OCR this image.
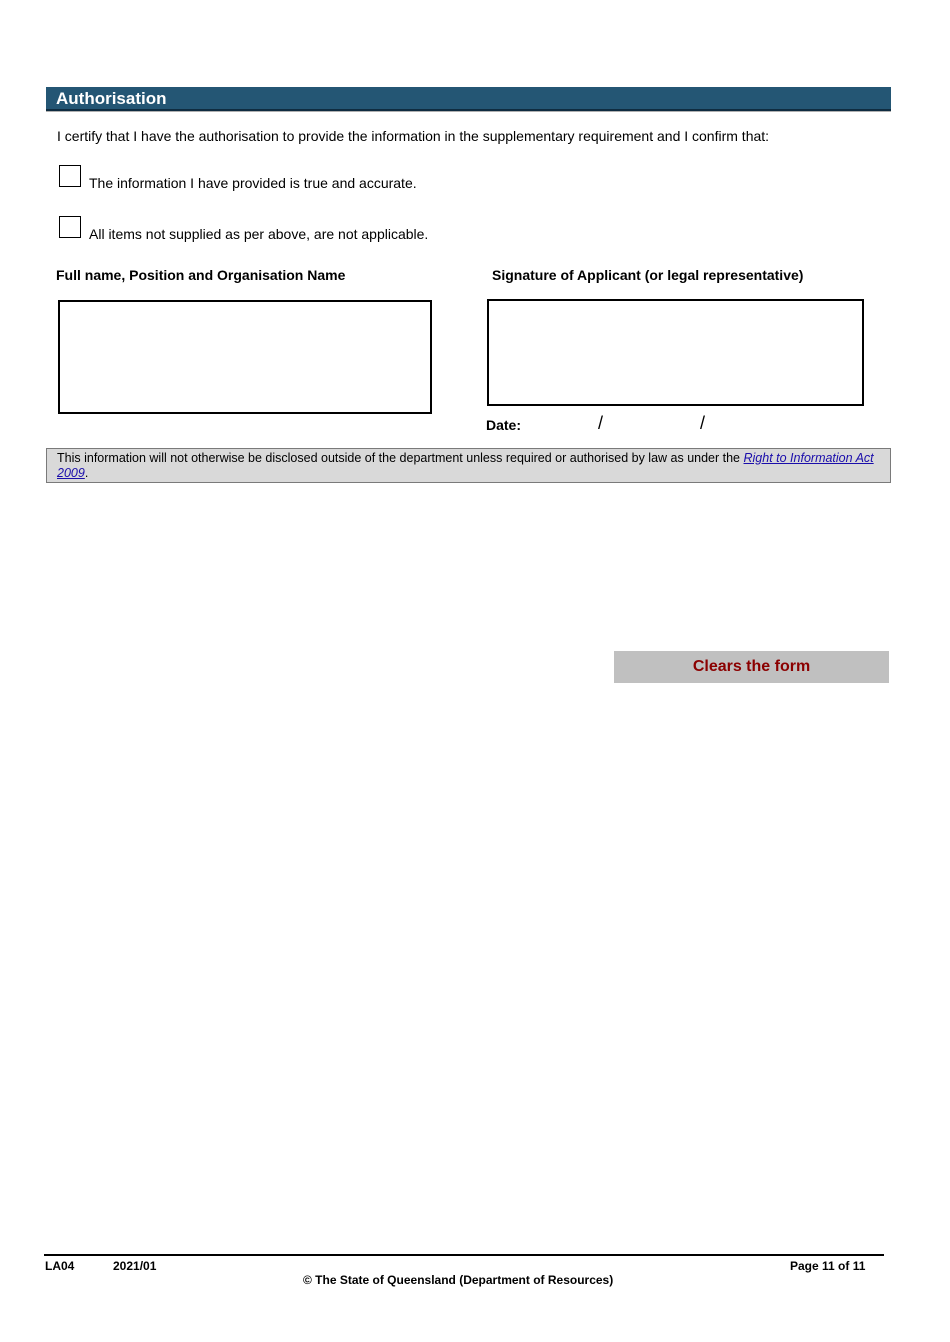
Authorisation
I certify that I have the authorisation to provide the information in the supplementary requirement and I confirm that:
The information I have provided is true and accurate.
All items not supplied as per above, are not applicable.
Full name, Position and Organisation Name	Signature of Applicant (or legal representative)
Date:	/	/
This information will not otherwise be disclosed outside of the department unless required or authorised by law as under the Right to Information Act 2009.
Clears the form
LA04	2021/01
© The State of Queensland (Department of Resources)
Page 11 of 11
